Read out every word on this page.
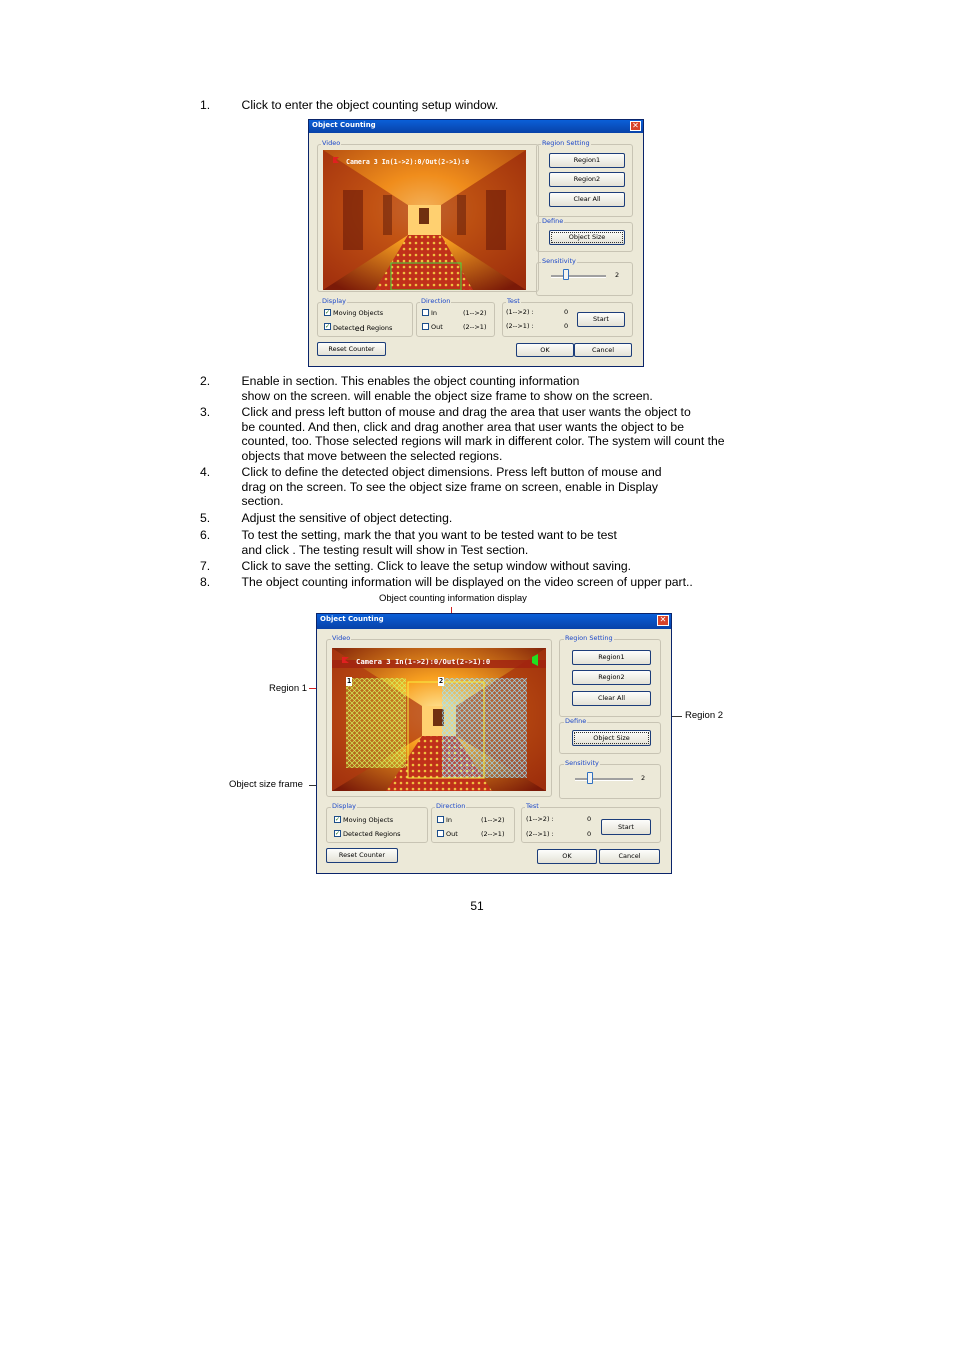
1.

	Click to enter the object counting setup window.

Object Counting	✕
Video
Camera 3 In(1->2):0/Out(2->1):0
Region Setting
Region1
Region2
Clear All
Define
Object Size
Sensitivity
2
Display
✓ Moving Objects
✓ Detected Regions
Direction
In	(1-->2)
Out	(2-->1)
Test
(1-->2) :	0
(2-->1) :	0
Start
Reset Counter	OK	Cancel
2.

	Enable in section. This enables the object counting information

show on the screen. will enable the object size frame to show on the screen.

3.

	Click and press left button of mouse and drag the area that user wants the object to

be counted. And then, click and drag another area that user wants the object to be

counted, too. Those selected regions will mark in different color. The system will count the

objects that move between the selected regions.

4.

	Click to define the detected object dimensions. Press left button of mouse and

drag on the screen. To see the object size frame on screen, enable in Display

section.

5.

	Adjust the sensitive of object detecting.

6.

	To test the setting, mark the that you want to be tested want to be test

and click . The testing result will show in Test section.

7.

	Click to save the setting. Click to leave the setup window without saving.

8.

	The object counting information will be displayed on the video screen of upper part..

Object counting information display
Region 1
Region 2
Object size frame
Object Counting	✕
Video
Camera 3 In(1->2):0/Out(2->1):0
1	2
Region Setting
Region1
Region2
Clear All
Define
Object Size
Sensitivity
2
Display
✓ Moving Objects
✓ Detected Regions
Direction
In	(1-->2)
Out	(2-->1)
Test
(1-->2) :	0
(2-->1) :	0
Start
Reset Counter	OK	Cancel
51
